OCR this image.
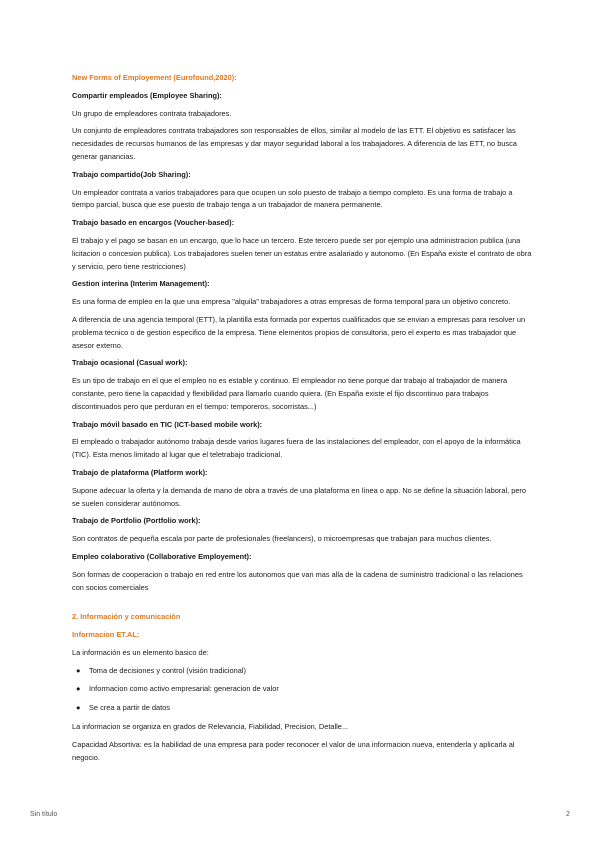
New Forms of Employement (Eurofound,2020):

Compartir empleados (Employee Sharing):

Un grupo de empleadores contrata trabajadores.

Un conjunto de empleadores contrata trabajadores son responsables de ellos, similar al modelo de las ETT. El objetivo es satisfacer las necesidades de recursos humanos de las empresas y dar mayor seguridad laboral a los trabajadores. A diferencia de las ETT, no busca generar ganancias.

Trabajo compartido(Job Sharing):

Un empleador contrata a varios trabajadores para que ocupen un solo puesto de trabajo a tiempo completo. Es una forma de trabajo a tiempo parcial, busca que ese puesto de trabajo tenga a un trabajador de manera permanente.

Trabajo basado en encargos (Voucher-based):

El trabajo y el pago se basan en un encargo, que lo hace un tercero. Este tercero puede ser por ejemplo una administracion publica (una licitacion o concesion publica). Los trabajadores suelen tener un estatus entre asalariado y autonomo. (En España existe el contrato de obra y servicio, pero tiene restricciones)

Gestion interina (Interim Management):

Es una forma de empleo en la que una empresa "alquila" trabajadores a otras empresas de forma temporal para un objetivo concreto.

A diferencia de una agencia temporal (ETT), la plantilla esta formada por expertos cualificados que se envian a empresas para resolver un problema tecnico o de gestion especifico de la empresa. Tiene elementos propios de consultoria, pero el experto es mas trabajador que asesor externo.

Trabajo ocasional (Casual work):

Es un tipo de trabajo en el que el empleo no es estable y continuo. El empleador no tiene porque dar trabajo al trabajador de manera constante, pero tiene la capacidad y flexibilidad para llamarlo cuando quiera. (En España existe el fijo discontinuo para trabajos discontinuados pero que perduran en el tiempo: temporeros, socorristas...)

Trabajo móvil basado en TIC (ICT-based mobile work):

El empleado o trabajador autónomo trabaja desde varios lugares fuera de las instalaciones del empleador, con el apoyo de la informática (TIC). Esta menos limitado al lugar que el teletrabajo tradicional.

Trabajo de plataforma (Platform work):

Supone adecuar la oferta y la demanda de mano de obra a través de una plataforma en línea o app. No se define la situación laboral, pero se suelen considerar autónomos.

Trabajo de Portfolio (Portfolio work):

Son contratos de pequeña escala por parte de profesionales (freelancers), o microempresas que trabajan para muchos clientes.

Empleo colaborativo (Collaborative Employement):

Son formas de cooperacion o trabajo en red entre los autonomos que van mas alla de la cadena de suministro tradicional o las relaciones con socios comerciales

2. Información y comunicación

Informacion ET.AL:

La información es un elemento basico de:

● Toma de decisiones y control (visión tradicional)
● Informacion como activo empresarial: generacion de valor
● Se crea a partir de datos

La informacion se organiza en grados de Relevancia, Fiabilidad, Precision, Detalle...

Capacidad Absortiva: es la habilidad de una empresa para poder reconocer el valor de una informacion nueva, entenderla y aplicarla al negocio.

Sin título	2
